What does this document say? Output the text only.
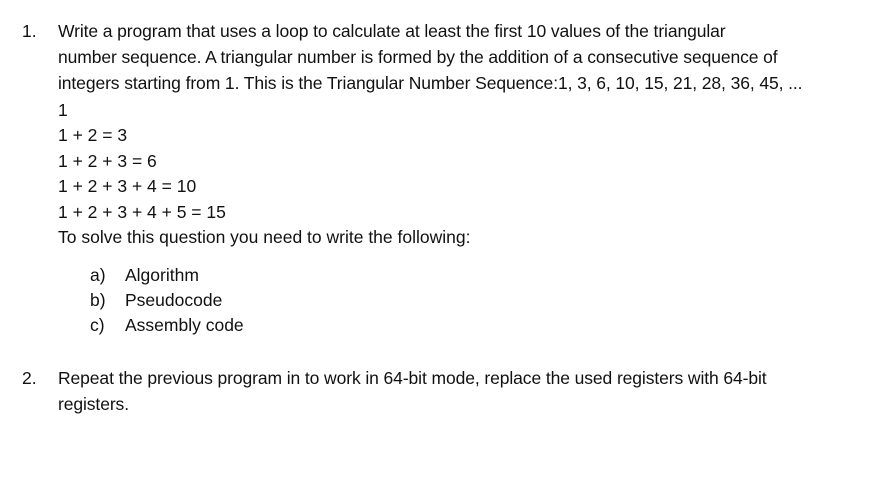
1. Write a program that uses a loop to calculate at least the first 10 values of the triangular
number sequence. A triangular number is formed by the addition of a consecutive sequence of
integers starting from 1. This is the Triangular Number Sequence:1, 3, 6, 10, 15, 21, 28, 36, 45, ...
1
1 + 2 = 3
1 + 2 + 3 = 6
1 + 2 + 3 + 4 = 10
1 + 2 + 3 + 4 + 5 = 15
To solve this question you need to write the following:
a) Algorithm
b) Pseudocode
c) Assembly code
2. Repeat the previous program in to work in 64-bit mode, replace the used registers with 64-bit
registers.
